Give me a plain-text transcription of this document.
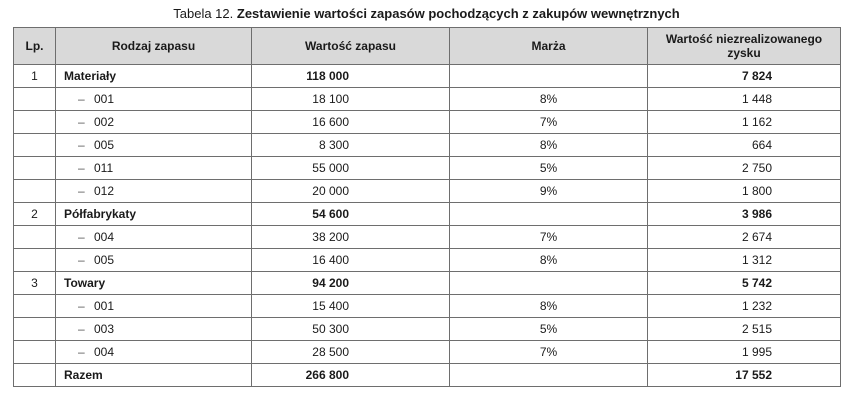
Tabela 12. Zestawienie wartości zapasów pochodzących z zakupów wewnętrznych
Lp.	Rodzaj zapasu	Wartość zapasu	Marża	Wartość niezrealizowanego zysku
1	Materiały	118 000		7 824
	– 001	18 100	8%	1 448
	– 002	16 600	7%	1 162
	– 005	8 300	8%	664
	– 011	55 000	5%	2 750
	– 012	20 000	9%	1 800
2	Półfabrykaty	54 600		3 986
	– 004	38 200	7%	2 674
	– 005	16 400	8%	1 312
3	Towary	94 200		5 742
	– 001	15 400	8%	1 232
	– 003	50 300	5%	2 515
	– 004	28 500	7%	1 995
	Razem	266 800		17 552
